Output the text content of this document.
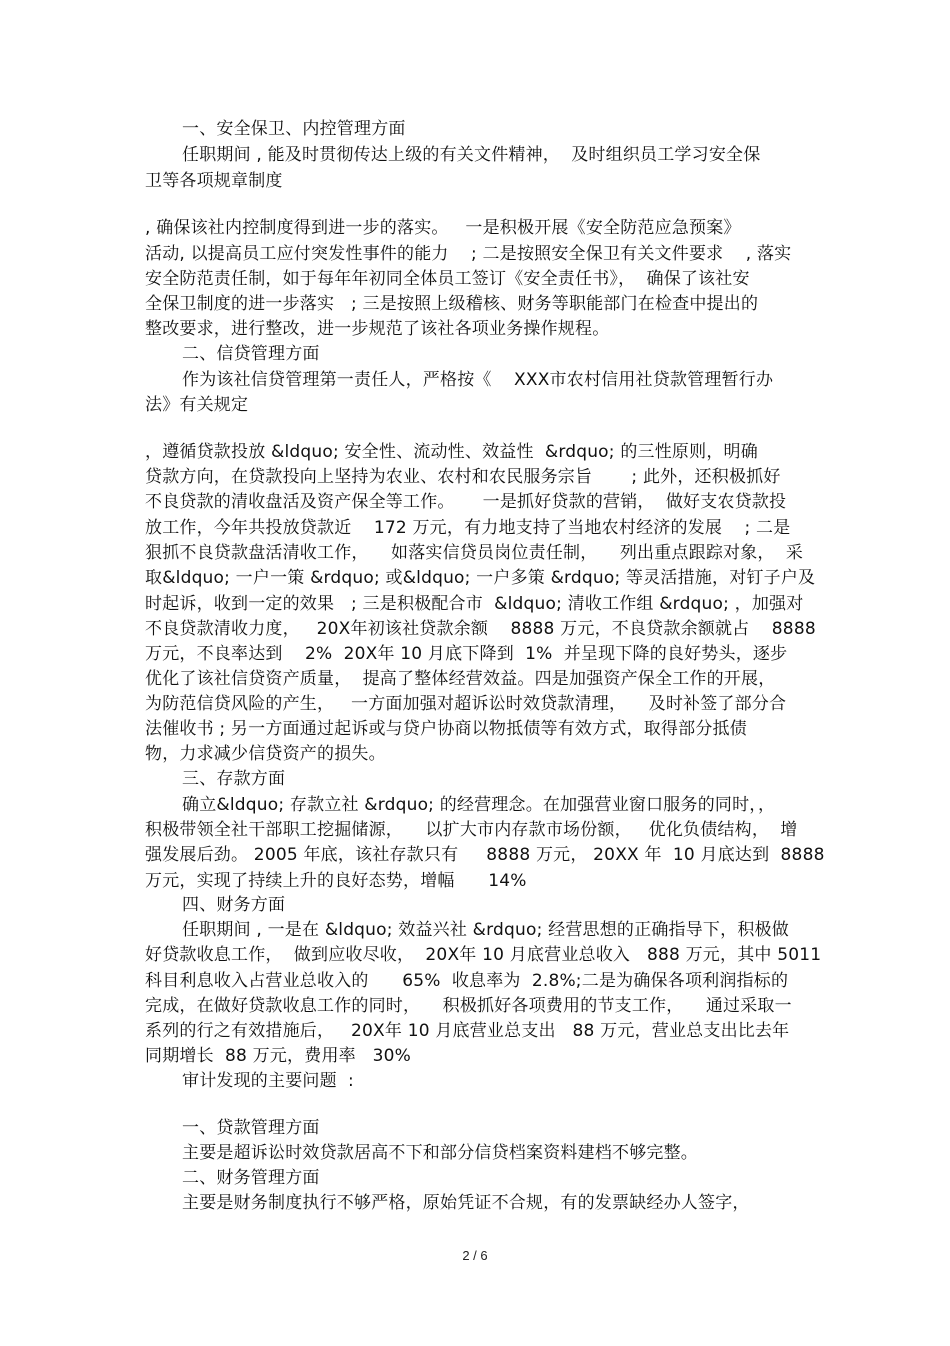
一、安全保卫、内控管理方面
任职期间 , 能及时贯彻传达上级的有关文件精神，  及时组织员工学习安全保
卫等各项规章制度
, 确保该社内控制度得到进一步的落实。   一是积极开展《安全防范应急预案》
活动, 以提高员工应付突发性事件的能力    ; 二是按照安全保卫有关文件要求    , 落实
安全防范责任制，如于每年年初同全体员工签订《安全责任书》，  确保了该社安
全保卫制度的进一步落实   ; 三是按照上级稽核、财务等职能部门在检查中提出的
整改要求，进行整改，进一步规范了该社各项业务操作规程。
二、信贷管理方面
作为该社信贷管理第一责任人，严格按《    XXX市农村信用社贷款管理暂行办
法》有关规定
，遵循贷款投放 &ldquo; 安全性、流动性、效益性  &rdquo; 的三性原则，明确
贷款方向，在贷款投向上坚持为农业、农村和农民服务宗旨       ; 此外，还积极抓好
不良贷款的清收盘活及资产保全等工作。     一是抓好贷款的营销，  做好支农贷款投
放工作，今年共投放贷款近    172 万元，有力地支持了当地农村经济的发展    ; 二是
狠抓不良贷款盘活清收工作，    如落实信贷员岗位责任制，    列出重点跟踪对象，  采
取&ldquo; 一户一策 &rdquo; 或&ldquo; 一户多策 &rdquo; 等灵活措施，对钉子户及
时起诉，收到一定的效果   ; 三是积极配合市  &ldquo; 清收工作组 &rdquo; ，加强对
不良贷款清收力度，   20X年初该社贷款余额    8888 万元，不良贷款余额就占    8888
万元，不良率达到    2%  20X年 10 月底下降到  1%  并呈现下降的良好势头，逐步
优化了该社信贷资产质量，  提高了整体经营效益。四是加强资产保全工作的开展，
为防范信贷风险的产生，   一方面加强对超诉讼时效贷款清理，    及时补签了部分合
法催收书 ; 另一方面通过起诉或与贷户协商以物抵债等有效方式，取得部分抵债
物，力求减少信贷资产的损失。
三、存款方面
确立&ldquo; 存款立社 &rdquo; 的经营理念。在加强营业窗口服务的同时，，
积极带领全社干部职工挖掘储源，    以扩大市内存款市场份额，   优化负债结构，  增
强发展后劲。 2005 年底，该社存款只有     8888 万元， 20XX 年  10 月底达到  8888
万元，实现了持续上升的良好态势，增幅      14%
四、财务方面
任职期间 , 一是在 &ldquo; 效益兴社 &rdquo; 经营思想的正确指导下，积极做
好贷款收息工作，  做到应收尽收，  20X年 10 月底营业总收入   888 万元，其中 5011
科目利息收入占营业总收入的      65%  收息率为  2.8%;二是为确保各项利润指标的
完成，在做好贷款收息工作的同时，    积极抓好各项费用的节支工作，    通过采取一
系列的行之有效措施后，   20X年 10 月底营业总支出   88 万元，营业总支出比去年
同期增长  88 万元，费用率   30%
审计发现的主要问题  :
一、贷款管理方面
主要是超诉讼时效贷款居高不下和部分信贷档案资料建档不够完整。
二、财务管理方面
主要是财务制度执行不够严格，原始凭证不合规，有的发票缺经办人签字，
2 / 6
